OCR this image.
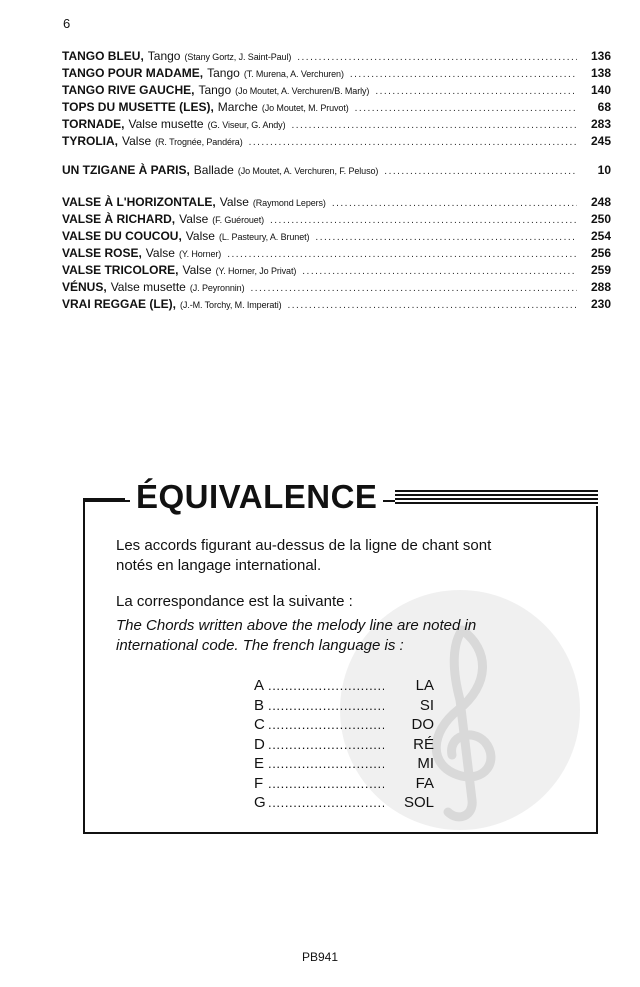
6
TANGO BLEU, Tango (Stany Gortz, J. Saint-Paul) .....	136
TANGO POUR MADAME, Tango (T. Murena, A. Verchuren) .....	138
TANGO RIVE GAUCHE, Tango (Jo Moutet, A. Verchuren/B. Marly) .....	140
TOPS DU MUSETTE (LES), Marche (Jo Moutet, M. Pruvot) .....	68
TORNADE, Valse musette (G. Viseur, G. Andy) .....	283
TYROLIA, Valse (R. Trognée, Pandéra) .....	245
UN TZIGANE À PARIS, Ballade (Jo Moutet, A. Verchuren, F. Peluso) .....	10
VALSE À L'HORIZONTALE, Valse (Raymond Lepers) .....	248
VALSE À RICHARD, Valse (F. Guérouet) .....	250
VALSE DU COUCOU, Valse (L. Pasteury, A. Brunet) .....	254
VALSE ROSE, Valse (Y. Horner) .....	256
VALSE TRICOLORE, Valse (Y. Horner, Jo Privat) .....	259
VÉNUS, Valse musette (J. Peyronnin) .....	288
VRAI REGGAE (LE), (J.-M. Torchy, M. Imperati) .....	230
ÉQUIVALENCE
Les accords figurant au-dessus de la ligne de chant sont
notés en langage international.
La correspondance est la suivante :
The Chords written above the melody line are noted in
international code. The french language is :
A .....	LA
B .....	SI
C .....	DO
D .....	RÉ
E .....	MI
F .....	FA
G .....	SOL
PB941
